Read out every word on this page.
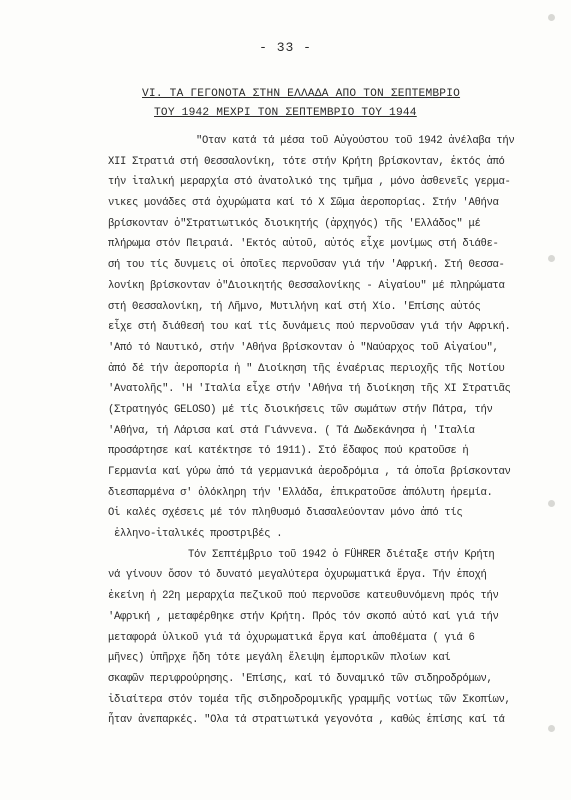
- 33 -
VI. ΤΑ ΓΕΓΟΝΟΤΑ ΣΤΗΝ ΕΛΛΑΔΑ ΑΠΟ ΤΟΝ ΣΕΠΤΕΜΒΡΙΟ
ΤΟΥ 1942 ΜΕΧΡΙ ΤΟΝ ΣΕΠΤΕΜΒΡΙΟ ΤΟΥ 1944
"Οταν κατά τά μέσα τοῦ Αὐγούστου τοῦ 1942 ἀνέλαβα τήν
ΧΙΙ Στρατιά στή Θεσσαλονίκη, τότε στήν Κρήτη βρίσκονταν, ἐκτός ἀπό
τήν ἰταλική μεραρχία στό ἀνατολικό της τμῆμα , μόνο ἀσθενεῖς γερμα-
νικες μονάδες στά ὀχυρώματα καί τό Χ Σῶμα ἀεροπορίας. Στήν 'Αθήνα
βρίσκονταν ὁ"Στρατιωτικός διοικητής (ἀρχηγός) τῆς 'Ελλάδος" μέ
πλήρωμα στόν Πειραιά. 'Εκτός αὐτοῦ, αὐτός εἶχε μονίμως στή διάθε-
σή του τίς δυνμεις οἱ ὁποῖες περνοῦσαν γιά τήν 'Αφρική. Στή Θεσσα-
λονίκη βρίσκονταν ὁ"Διοικητής Θεσσαλονίκης - Αἰγαίου" μέ πληρώματα
στή Θεσσαλονίκη, τή Λῆμνο, Μυτιλήνη καί στή Χίο. 'Επίσης αὐτός
εἶχε στή διάθεσή του καί τίς δυνάμεις πού περνοῦσαν γιά τήν Αφρική.
'Από τό Ναυτικό, στήν 'Αθήνα βρίσκονταν ὁ "Ναύαρχος τοῦ Αἰγαίου",
ἀπό δέ τήν ἀεροπορία ἡ " Διοίκηση τῆς ἐναέριας περιοχῆς τῆς Νοτίου
'Ανατολῆς". 'Η 'Ιταλία εἶχε στήν 'Αθήνα τή διοίκηση τῆς ΧΙ Στρατιᾶς
(Στρατηγός GELOSO) μέ τίς διοικήσεις τῶν σωμάτων στήν Πάτρα, τήν
'Αθήνα, τή Λάρισα καί στά Γιάννενα. ( Τά Δωδεκάνησα ἡ 'Ιταλία
προσάρτησε καί κατέκτησε τό 1911). Στό ἔδαφος πού κρατοῦσε ἡ
Γερμανία καί γύρω ἀπό τά γερμανικά ἀεροδρόμια , τά ὁποῖα βρίσκονταν
διεσπαρμένα σ' ὁλόκληρη τήν 'Ελλάδα, ἐπικρατοῦσε ἀπόλυτη ἠρεμία.
Οἱ καλές σχέσεις μέ τόν πληθυσμό διασαλεύονταν μόνο ἀπό τίς
ἑλληνο-ἰταλικές προστριβές .
Τόν Σεπτέμβριο τοῦ 1942 ὁ FÜHRER διέταξε στήν Κρήτη
νά γίνουν ὅσον τό δυνατό μεγαλύτερα ὀχυρωματικά ἔργα. Τήν ἐποχή
ἐκείνη ἡ 22η μεραρχία πεζικοῦ πού περνοῦσε κατευθυνόμενη πρός τήν
'Αφρική , μεταφέρθηκε στήν Κρήτη. Πρός τόν σκοπό αὐτό καί γιά τήν
μεταφορά ὑλικοῦ γιά τά ὀχυρωματικά ἔργα καί ἀποθέματα ( γιά 6
μῆνες) ὑπῆρχε ἤδη τότε μεγάλη ἔλειψη ἐμπορικῶν πλοίων καί
σκαφῶν περιφρούρησης. 'Επίσης, καί τό δυναμικό τῶν σιδηροδρόμων,
ἰδιαίτερα στόν τομέα τῆς σιδηροδρομικῆς γραμμῆς νοτίως τῶν Σκοπίων,
ἦταν ἀνεπαρκές. "Ολα τά στρατιωτικά γεγονότα , καθώς ἐπίσης καί τά
